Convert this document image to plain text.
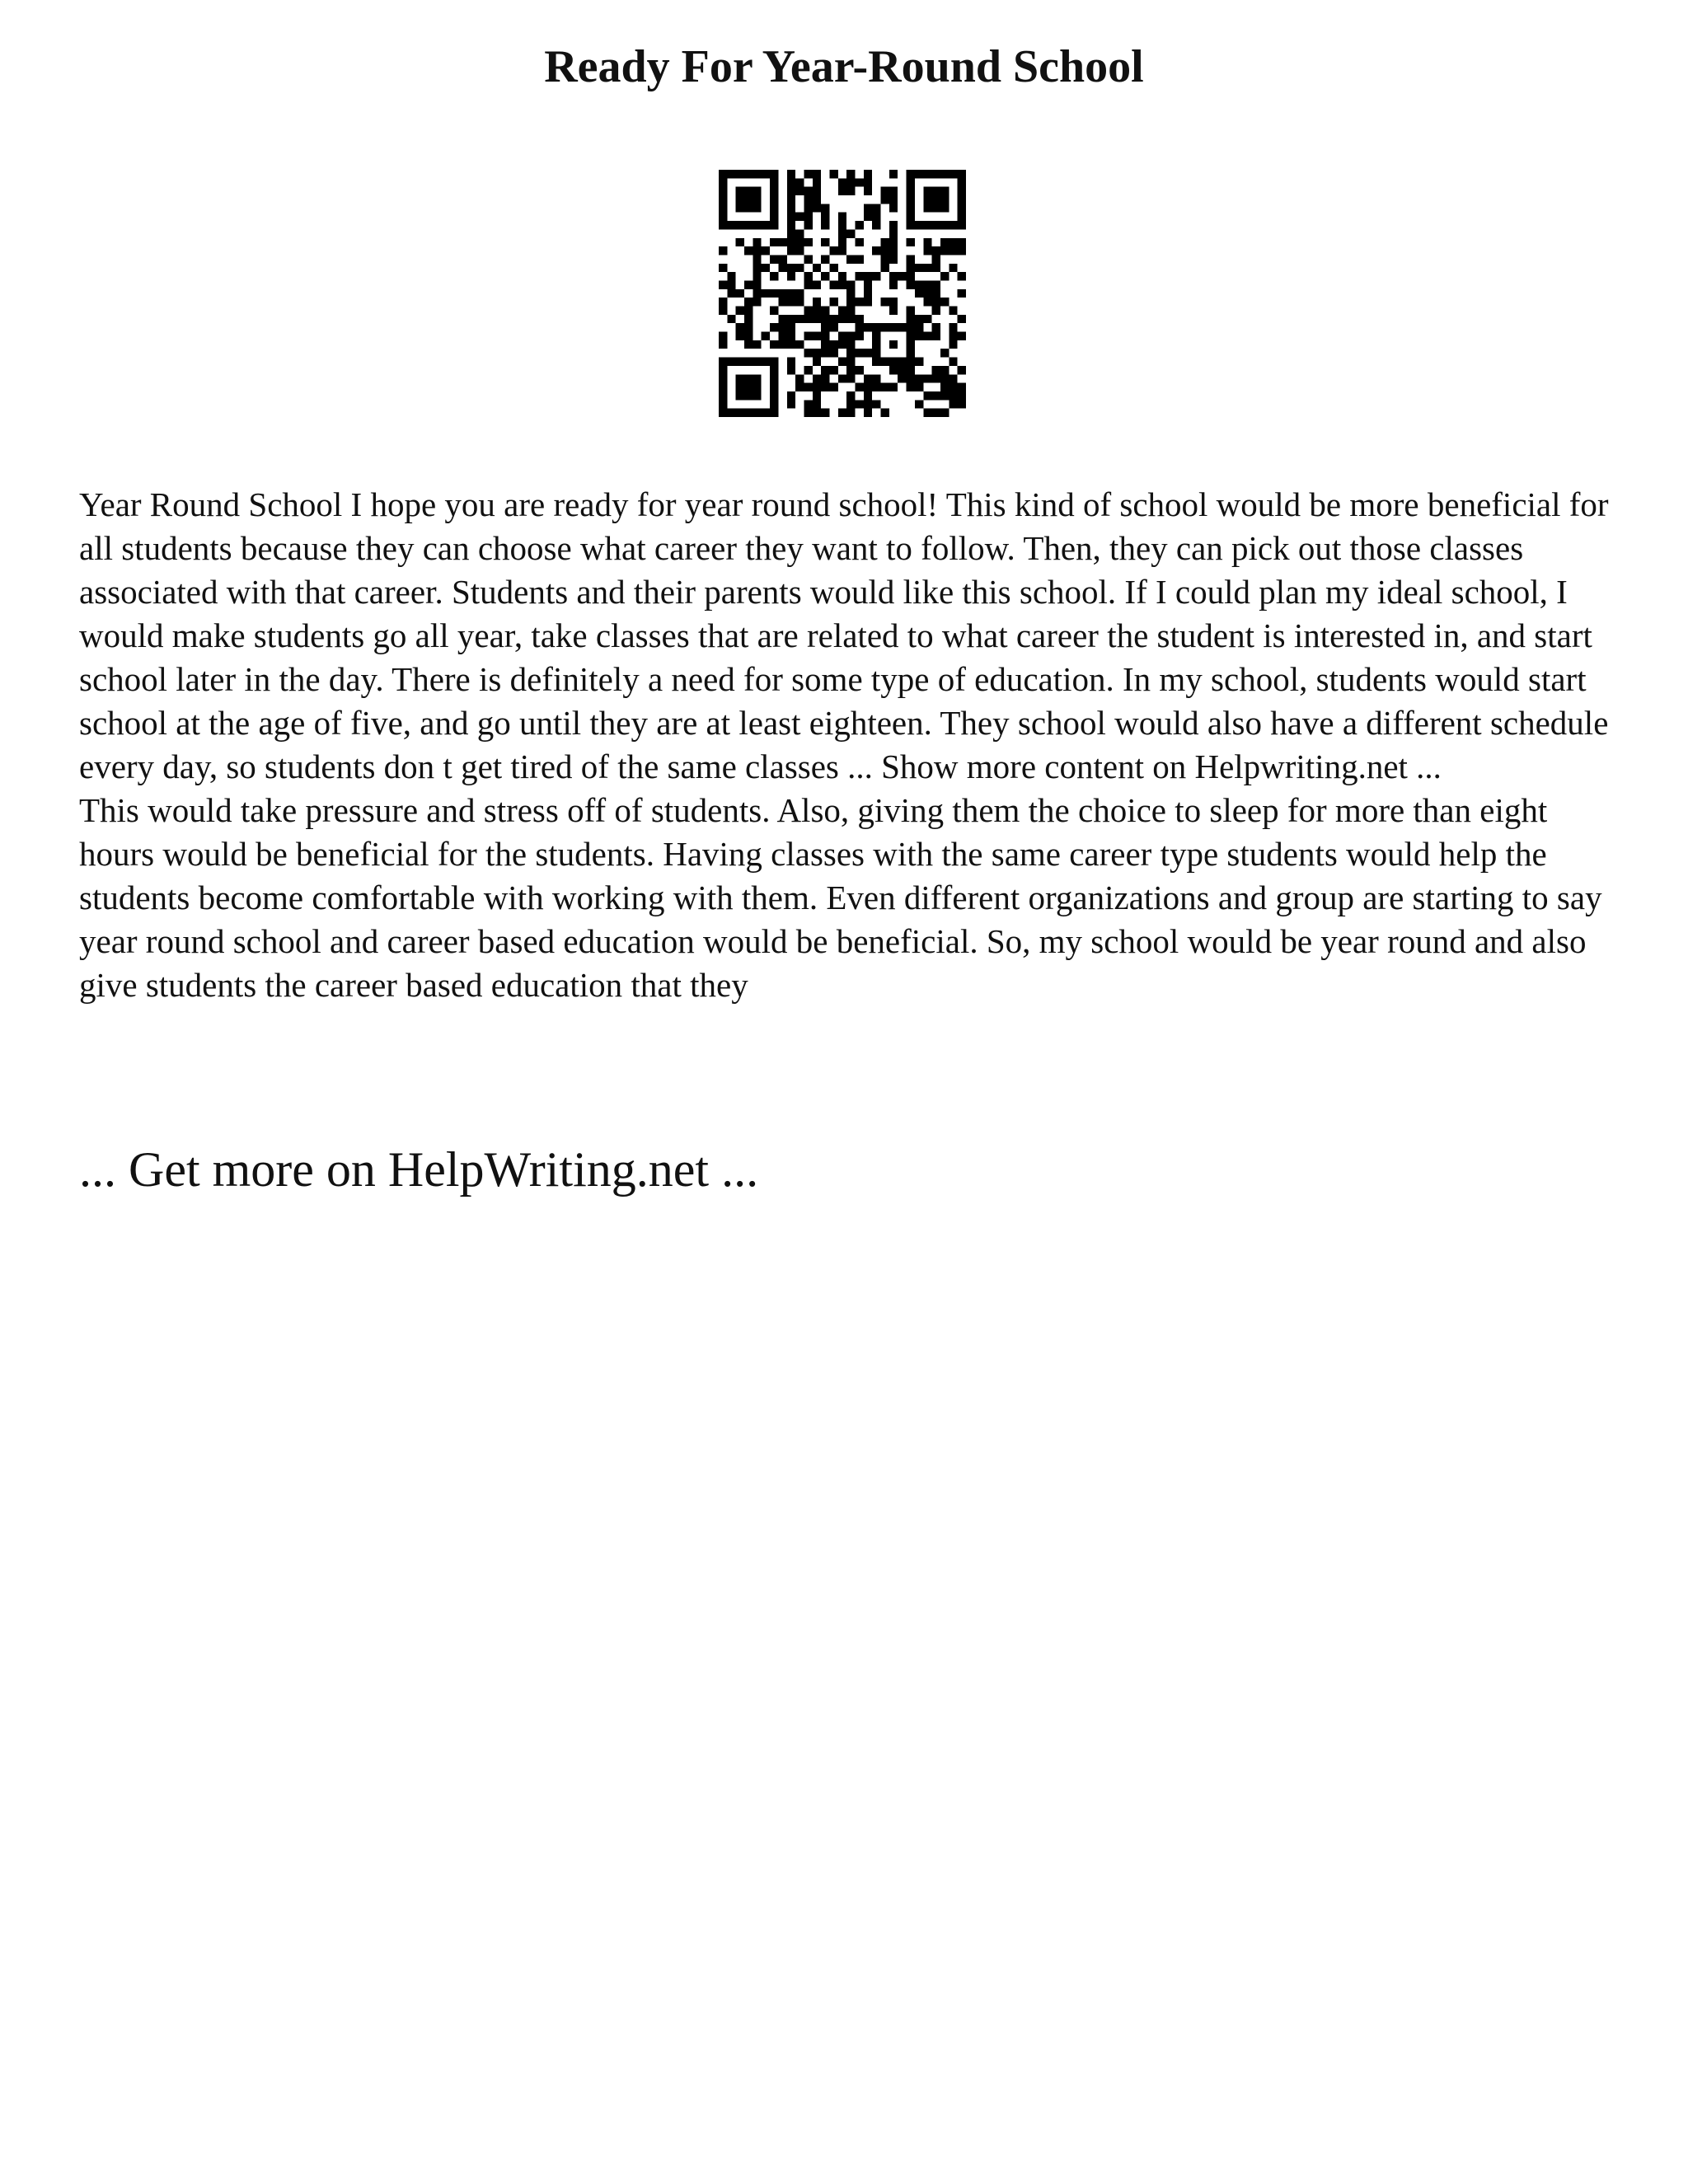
Ready For Year-Round School

Year Round School I hope you are ready for year round school! This kind of school would be more beneficial for all students because they can choose what career they want to follow. Then, they can pick out those classes associated with that career. Students and their parents would like this school. If I could plan my ideal school, I would make students go all year, take classes that are related to what career the student is interested in, and start school later in the day. There is definitely a need for some type of education. In my school, students would start school at the age of five, and go until they are at least eighteen. They school would also have a different schedule every day, so students don t get tired of the same classes ... Show more content on Helpwriting.net ...

This would take pressure and stress off of students. Also, giving them the choice to sleep for more than eight hours would be beneficial for the students. Having classes with the same career type students would help the students become comfortable with working with them. Even different organizations and group are starting to say year round school and career based education would be beneficial. So, my school would be year round and also give students the career based education that they

... Get more on HelpWriting.net ...
